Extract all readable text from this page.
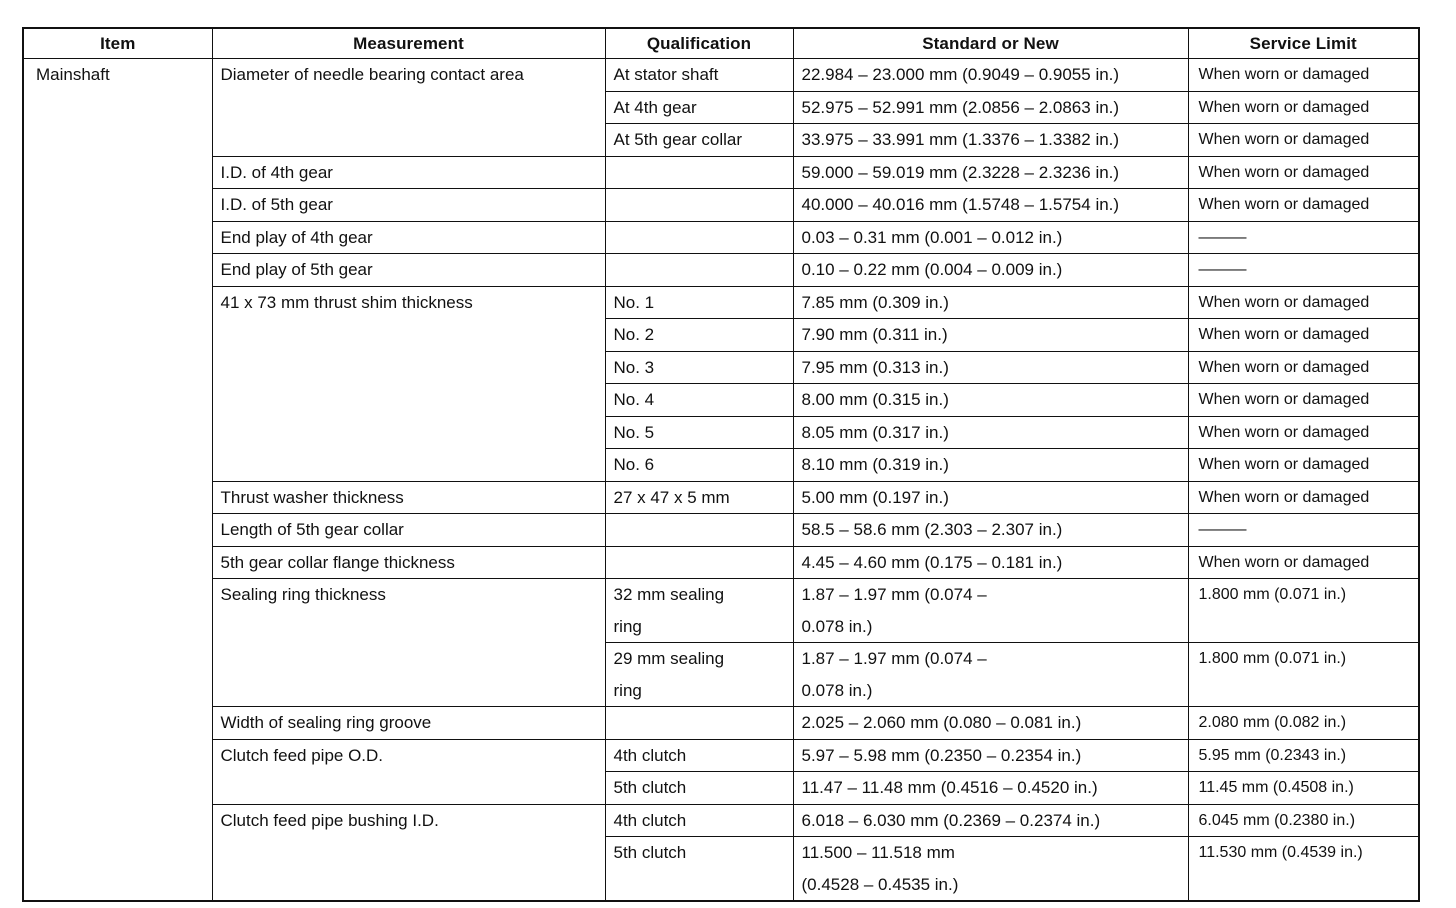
Item	Measurement	Qualification	Standard or New	Service Limit
Mainshaft	Diameter of needle bearing contact area	At stator shaft	22.984 – 23.000 mm (0.9049 – 0.9055 in.)	When worn or damaged
		At 4th gear	52.975 – 52.991 mm (2.0856 – 2.0863 in.)	When worn or damaged
		At 5th gear collar	33.975 – 33.991 mm (1.3376 – 1.3382 in.)	When worn or damaged
	I.D. of 4th gear		59.000 – 59.019 mm (2.3228 – 2.3236 in.)	When worn or damaged
	I.D. of 5th gear		40.000 – 40.016 mm (1.5748 – 1.5754 in.)	When worn or damaged
	End play of 4th gear		0.03 – 0.31 mm (0.001 – 0.012 in.)	———
	End play of 5th gear		0.10 – 0.22 mm (0.004 – 0.009 in.)	———
	41 x 73 mm thrust shim thickness	No. 1	7.85 mm (0.309 in.)	When worn or damaged
		No. 2	7.90 mm (0.311 in.)	When worn or damaged
		No. 3	7.95 mm (0.313 in.)	When worn or damaged
		No. 4	8.00 mm (0.315 in.)	When worn or damaged
		No. 5	8.05 mm (0.317 in.)	When worn or damaged
		No. 6	8.10 mm (0.319 in.)	When worn or damaged
	Thrust washer thickness	27 x 47 x 5 mm	5.00 mm (0.197 in.)	When worn or damaged
	Length of 5th gear collar		58.5 – 58.6 mm (2.303 – 2.307 in.)	———
	5th gear collar flange thickness		4.45 – 4.60 mm (0.175 – 0.181 in.)	When worn or damaged
	Sealing ring thickness	32 mm sealing ring	1.87 – 1.97 mm (0.074 – 0.078 in.)	1.800 mm (0.071 in.)
		29 mm sealing ring	1.87 – 1.97 mm (0.074 – 0.078 in.)	1.800 mm (0.071 in.)
	Width of sealing ring groove		2.025 – 2.060 mm (0.080 – 0.081 in.)	2.080 mm (0.082 in.)
	Clutch feed pipe O.D.	4th clutch	5.97 – 5.98 mm (0.2350 – 0.2354 in.)	5.95 mm (0.2343 in.)
		5th clutch	11.47 – 11.48 mm (0.4516 – 0.4520 in.)	11.45 mm (0.4508 in.)
	Clutch feed pipe bushing I.D.	4th clutch	6.018 – 6.030 mm (0.2369 – 0.2374 in.)	6.045 mm (0.2380 in.)
		5th clutch	11.500 – 11.518 mm (0.4528 – 0.4535 in.)	11.530 mm (0.4539 in.)
